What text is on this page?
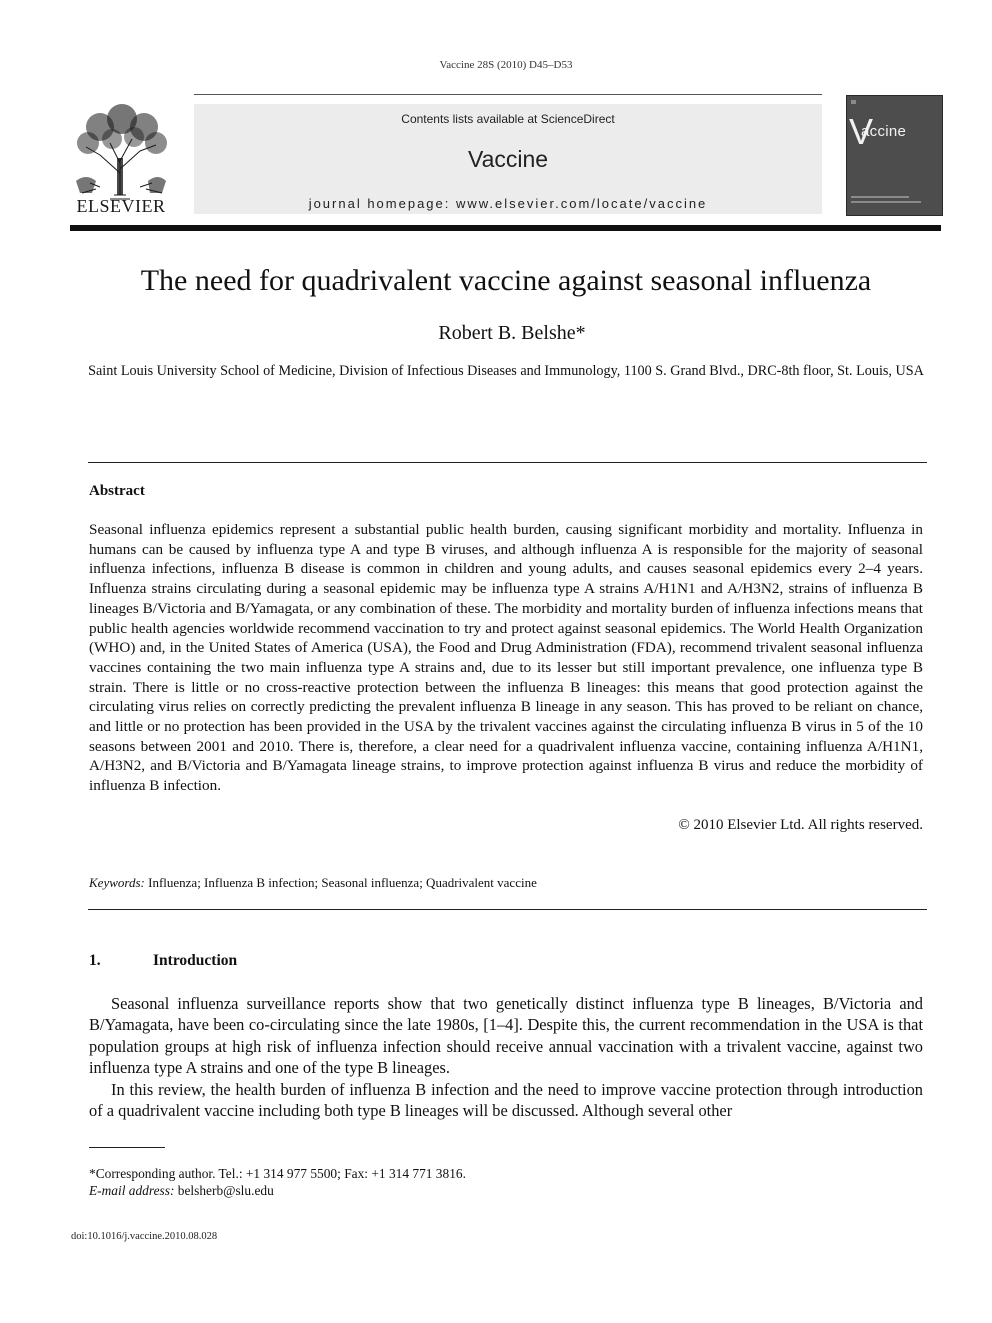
Vaccine 28S (2010) D45–D53
ELSEVIER
Contents lists available at ScienceDirect
Vaccine
journal homepage: www.elsevier.com/locate/vaccine
V
accine
The need for quadrivalent vaccine against seasonal influenza
Robert B. Belshe*
Saint Louis University School of Medicine, Division of Infectious Diseases and Immunology, 1100 S. Grand Blvd., DRC-8th floor, St. Louis, USA
Abstract
Seasonal influenza epidemics represent a substantial public health burden, causing significant morbidity and mortality. Influenza in humans can be caused by influenza type A and type B viruses, and although influenza A is responsible for the majority of seasonal influenza infections, influenza B disease is common in children and young adults, and causes seasonal epidemics every 2–4 years. Influenza strains circulating during a seasonal epidemic may be influenza type A strains A/H1N1 and A/H3N2, strains of influenza B lineages B/Victoria and B/Yamagata, or any combination of these. The morbidity and mortality burden of influenza infections means that public health agencies worldwide recommend vaccination to try and protect against seasonal epidemics. The World Health Organization (WHO) and, in the United States of America (USA), the Food and Drug Administration (FDA), recommend trivalent seasonal influenza vaccines containing the two main influenza type A strains and, due to its lesser but still important prevalence, one influenza type B strain. There is little or no cross-reactive protection between the influenza B lineages: this means that good protection against the circulating virus relies on correctly predicting the prevalent influenza B lineage in any season. This has proved to be reliant on chance, and little or no protection has been provided in the USA by the trivalent vaccines against the circulating influenza B virus in 5 of the 10 seasons between 2001 and 2010. There is, therefore, a clear need for a quadrivalent influenza vaccine, containing influenza A/H1N1, A/H3N2, and B/Victoria and B/Yamagata lineage strains, to improve protection against influenza B virus and reduce the morbidity of influenza B infection.
© 2010 Elsevier Ltd. All rights reserved.
Keywords: Influenza; Influenza B infection; Seasonal influenza; Quadrivalent vaccine
1.	Introduction
Seasonal influenza surveillance reports show that two genetically distinct influenza type B lineages, B/Victoria and B/Yamagata, have been co-circulating since the late 1980s, [1–4]. Despite this, the current recommendation in the USA is that population groups at high risk of influenza infection should receive annual vaccination with a trivalent vaccine, against two influenza type A strains and one of the type B lineages.
In this review, the health burden of influenza B infection and the need to improve vaccine protection through introduction of a quadrivalent vaccine including both type B lineages will be discussed. Although several other
*Corresponding author. Tel.: +1 314 977 5500; Fax: +1 314 771 3816.
E-mail address: belsherb@slu.edu
doi:10.1016/j.vaccine.2010.08.028
